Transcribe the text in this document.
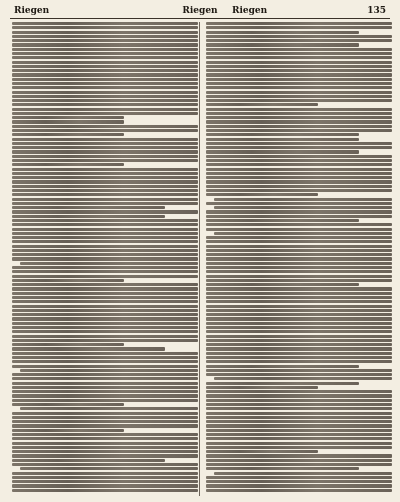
Riegen	Riegen Riegen	135
